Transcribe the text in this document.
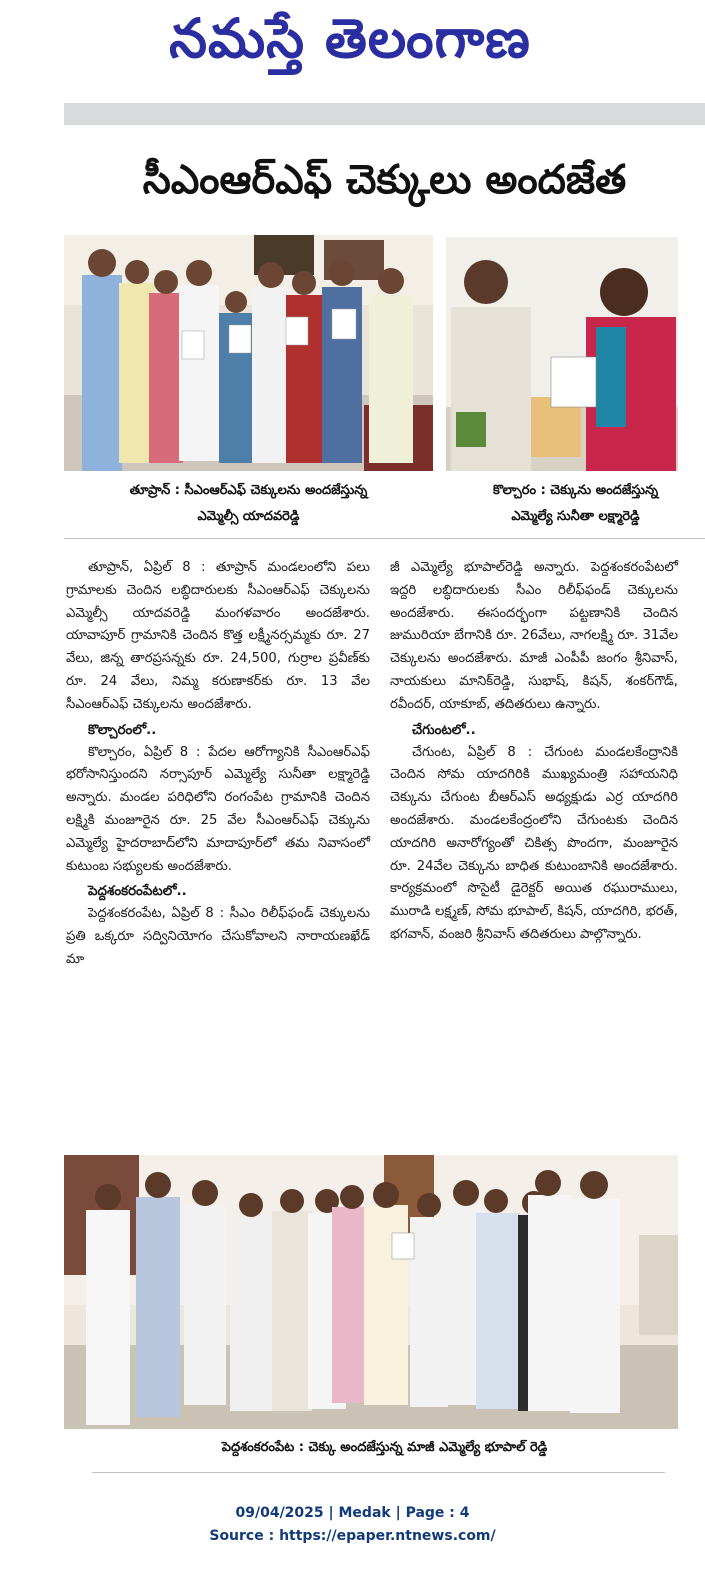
నమస్తే తెలంగాణ
సీఎంఆర్ఎఫ్ చెక్కులు అందజేత
తూప్రాన్ : సీఎంఆర్ఎఫ్ చెక్కులను అందజేస్తున్న
ఎమ్మెల్సీ యాదవరెడ్డి
కొల్చారం : చెక్కును అందజేస్తున్న
ఎమ్మెల్యే సునీతా లక్ష్మారెడ్డి

తూప్రాన్, ఏప్రిల్ 8 : తూప్రాన్ మండలంలోని పలు గ్రామాలకు చెందిన లబ్ధిదారులకు సీఎంఆర్ఎఫ్ చెక్కులను ఎమ్మెల్సీ యాదవరెడ్డి మంగళవారం అందజేశారు. యావాపూర్ గ్రామానికి చెందిన కొత్త లక్ష్మీనర్సమ్మకు రూ. 27 వేలు, జిన్న తారప్రసన్నకు రూ. 24,500, గుర్రాల ప్రవీణ్‌కు రూ. 24 వేలు, నిమ్మ కరుణాకర్‌కు రూ. 13 వేల సీఎంఆర్ఎఫ్ చెక్కులను అందజేశారు.

కొల్చారంలో..

కొల్చారం, ఏప్రిల్ 8 : పేదల ఆరోగ్యానికి సీఎంఆర్ఎఫ్ భరోసానిస్తుందని నర్సాపూర్ ఎమ్మెల్యే సునీతా లక్ష్మారెడ్డి అన్నారు. మండల పరిధిలోని రంగంపేట గ్రామానికి చెందిన లక్ష్మికి మంజూరైన రూ. 25 వేల సీఎంఆర్ఎఫ్ చెక్కును ఎమ్మెల్యే హైదరాబాద్‌లోని మాదాపూర్‌లో తమ నివాసంలో కుటుంబ సభ్యులకు అందజేశారు.

పెద్దశంకరంపేటలో..

పెద్దశంకరంపేట, ఏప్రిల్ 8 : సీఎం రిలీఫ్‌ఫండ్ చెక్కులను ప్రతి ఒక్కరూ సద్వినియోగం చేసుకోవాలని నారాయణఖేడ్ మా

జీ ఎమ్మెల్యే భూపాల్‌రెడ్డి అన్నారు. పెద్దశంకరంపేటలో ఇద్దరి లబ్ధిదారులకు సీఎం రిలీఫ్‌ఫండ్ చెక్కులను అందజేశారు. ఈసందర్భంగా పట్టణానికి చెందిన జుమురియా బేగానికి రూ. 26వేలు, నాగలక్ష్మి రూ. 31వేల చెక్కులను అందజేశారు. మాజీ ఎంపీపీ జంగం శ్రీనివాస్, నాయకులు మానిక్‌రెడ్డి, సుభాష్, కిషన్, శంకర్‌గౌడ్, రవీందర్, యాకూబ్, తదితరులు ఉన్నారు.

చేగుంటలో..

చేగుంట, ఏప్రిల్ 8 : చేగుంట మండలకేంద్రానికి చెందిన సోమ యాదగిరికి ముఖ్యమంత్రి సహాయనిధి చెక్కును చేగుంట బీఆర్ఎస్ అధ్యక్షుడు ఎర్ర యాదగిరి అందజేశారు. మండలకేంద్రంలోని చేగుంటకు చెందిన యాదగిరి అనారోగ్యంతో చికిత్స పొందగా, మంజూరైన రూ. 24వేల చెక్కును బాధిత కుటుంబానికి అందజేశారు. కార్యక్రమంలో సొసైటీ డైరెక్టర్ అయిత రఘురాములు, మురాడి లక్ష్మణ్, సోమ భూపాల్, కిషన్, యాదగిరి, భరత్, భగవాన్, వంజరి శ్రీనివాస్ తదితరులు పాల్గొన్నారు.

పెద్దశంకరంపేట : చెక్కు అందజేస్తున్న మాజీ ఎమ్మెల్యే భూపాల్ రెడ్డి
09/04/2025 | Medak | Page : 4
Source : https://epaper.ntnews.com/
